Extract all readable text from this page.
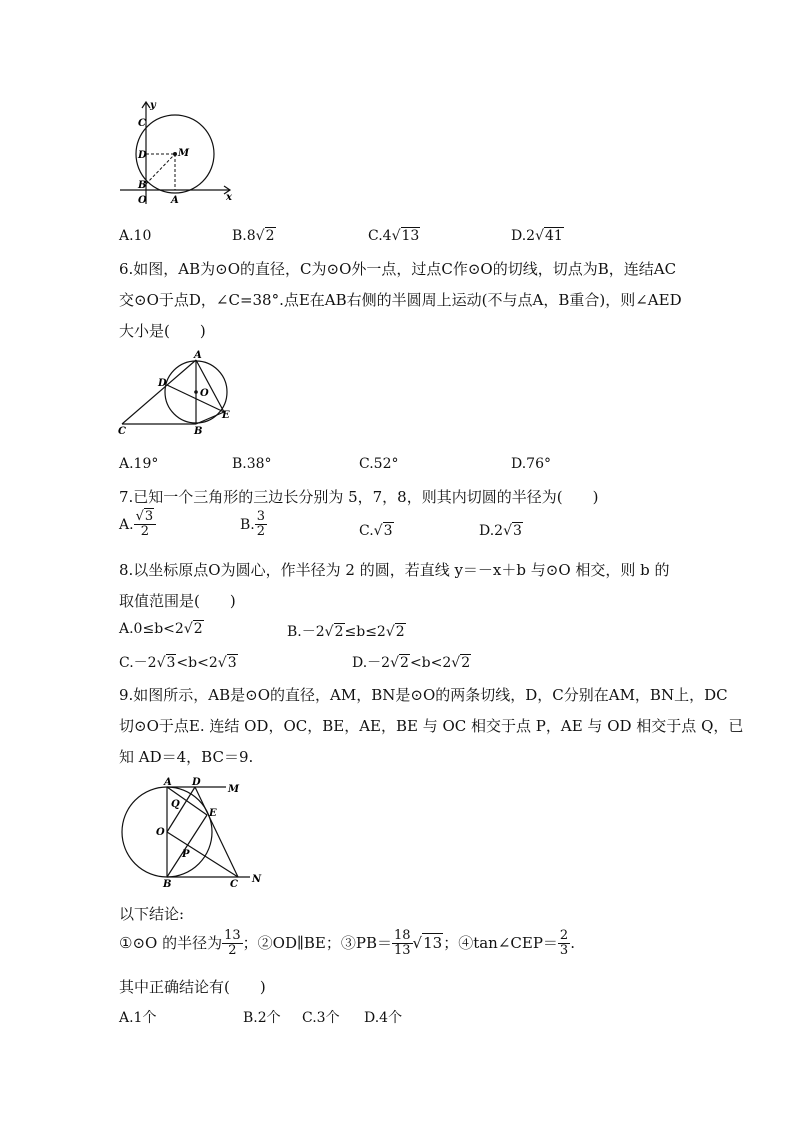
y
x
C
D	M
B
O A
A.10	B.8√2	C.4√13	D.2√41
6.如图，AB为⊙O的直径，C为⊙O外一点，过点C作⊙O的切线，切点为B，连结AC
交⊙O于点D，∠C=38°.点E在AB右侧的半圆周上运动(不与点A，B重合)，则∠AED
大小是(　　)
A
D
O
E
C	B
A.19°	B.38°	C.52°	D.76°
7.已知一个三角形的三边长分别为 5，7，8，则其内切圆的半径为(　　)
A. $\frac{√3}{2}$	B. $\frac{3}{2}$	C.√3	D.2√3
8.以坐标原点O为圆心，作半径为 2 的圆，若直线 y＝－x＋b 与⊙O 相交，则 b 的
取值范围是(　　)
A.0≤b<2√2	B.－2√2≤b≤2√2
C.－2√3<b<2√3	D.－2√2<b<2√2
9.如图所示，AB是⊙O的直径，AM，BN是⊙O的两条切线，D，C分别在AM，BN上，DC
切⊙O于点E. 连结 OD，OC，BE，AE，BE 与 OC 相交于点 P，AE 与 OD 相交于点 Q，已
知 AD＝4，BC＝9.
A D
M
Q
E
O
P
B	C N
以下结论:
①⊙O 的半径为 $\frac{13}{2}$ ；②OD∥BE；③PB＝ $\frac{18}{13} √13$；④tan∠CEP＝ $\frac{2}{3}$ .
其中正确结论有(　　)
A.1个	B.2个 C.3个 D.4个
